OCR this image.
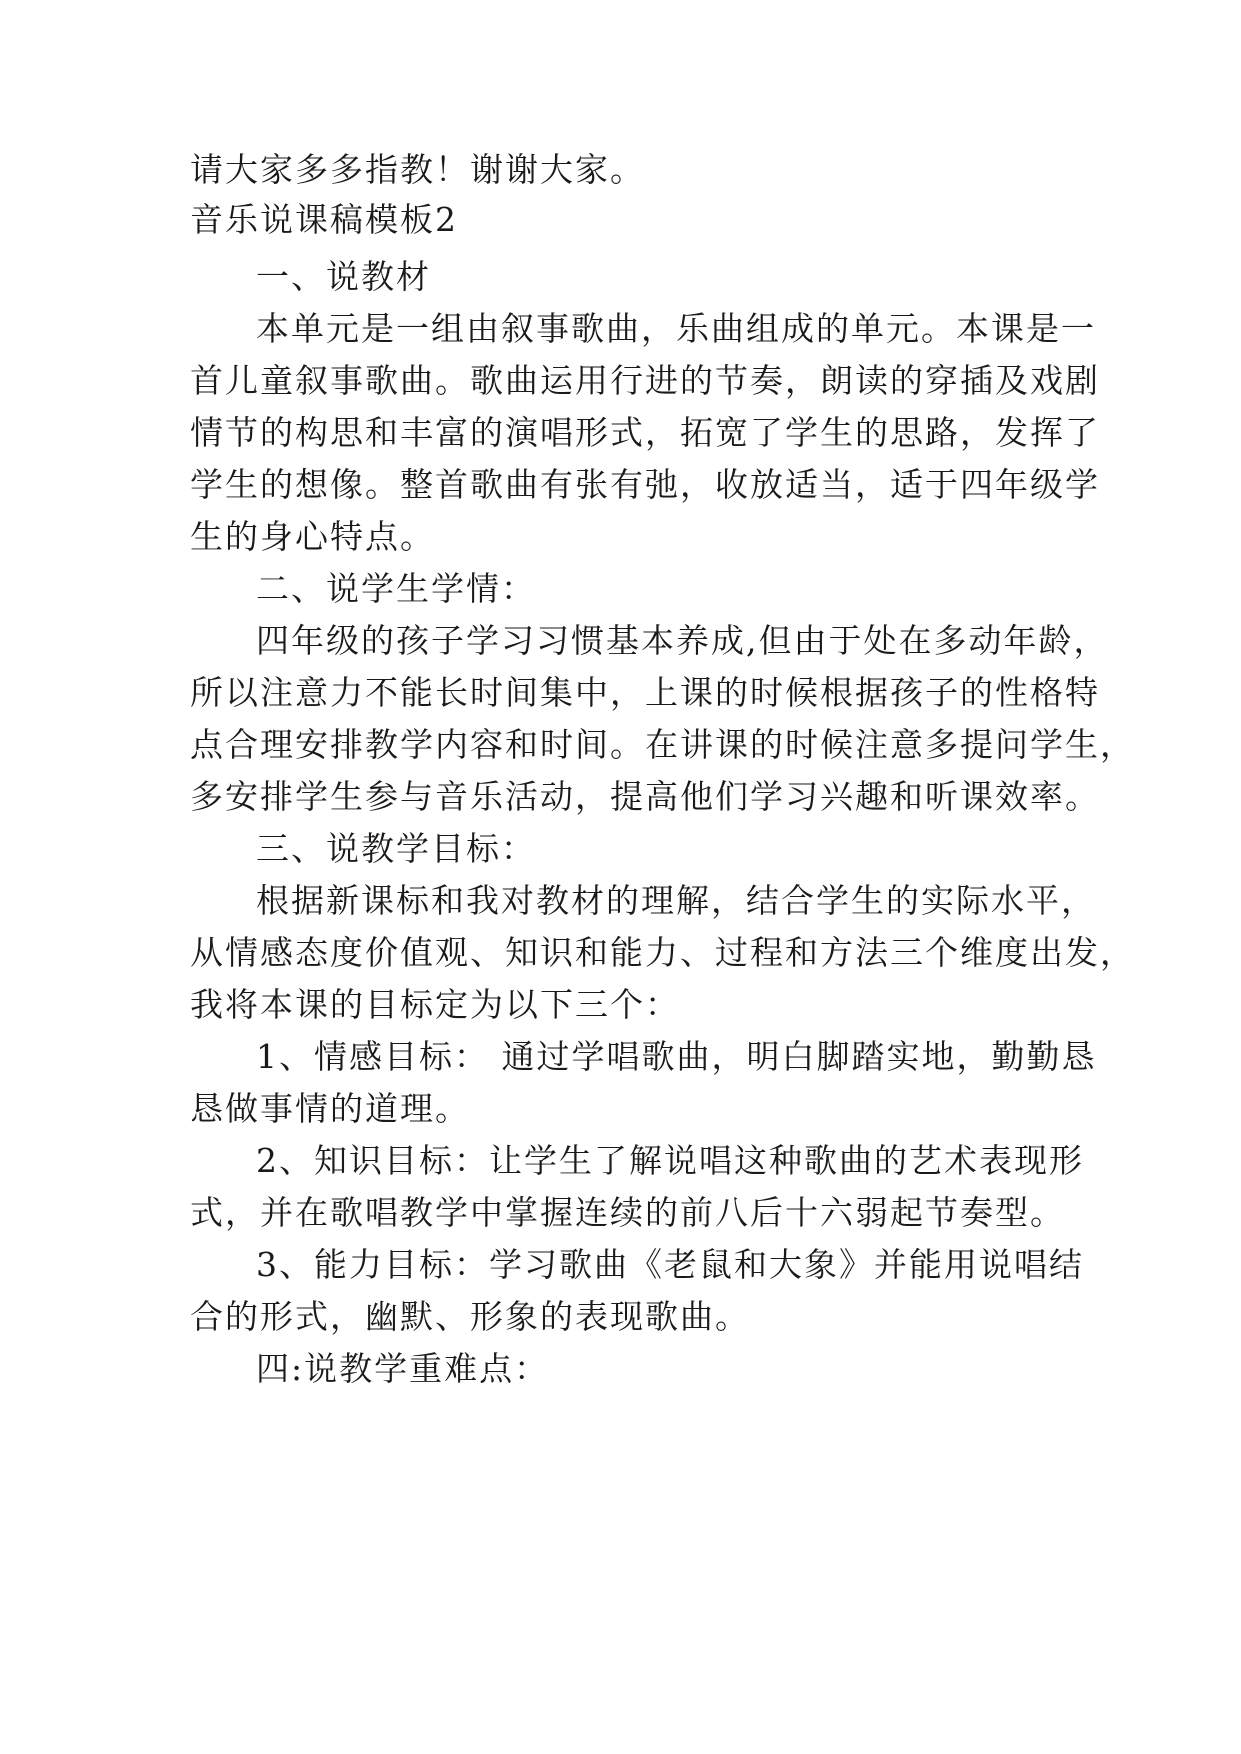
请大家多多指教！谢谢大家。
音乐说课稿模板2
一、说教材
本单元是一组由叙事歌曲，乐曲组成的单元。本课是一
首儿童叙事歌曲。歌曲运用行进的节奏，朗读的穿插及戏剧
情节的构思和丰富的演唱形式，拓宽了学生的思路，发挥了
学生的想像。整首歌曲有张有弛，收放适当，适于四年级学
生的身心特点。
二、说学生学情：
四年级的孩子学习习惯基本养成,但由于处在多动年龄，
所以注意力不能长时间集中，上课的时候根据孩子的性格特
点合理安排教学内容和时间。在讲课的时候注意多提问学生，
多安排学生参与音乐活动，提高他们学习兴趣和听课效率。
三、说教学目标：
根据新课标和我对教材的理解，结合学生的实际水平，
从情感态度价值观、知识和能力、过程和方法三个维度出发，
我将本课的目标定为以下三个：
1、情感目标： 通过学唱歌曲，明白脚踏实地，勤勤恳
恳做事情的道理。
2、知识目标：让学生了解说唱这种歌曲的艺术表现形
式，并在歌唱教学中掌握连续的前八后十六弱起节奏型。
3、能力目标：学习歌曲《老鼠和大象》并能用说唱结
合的形式，幽默、形象的表现歌曲。
四:说教学重难点：
